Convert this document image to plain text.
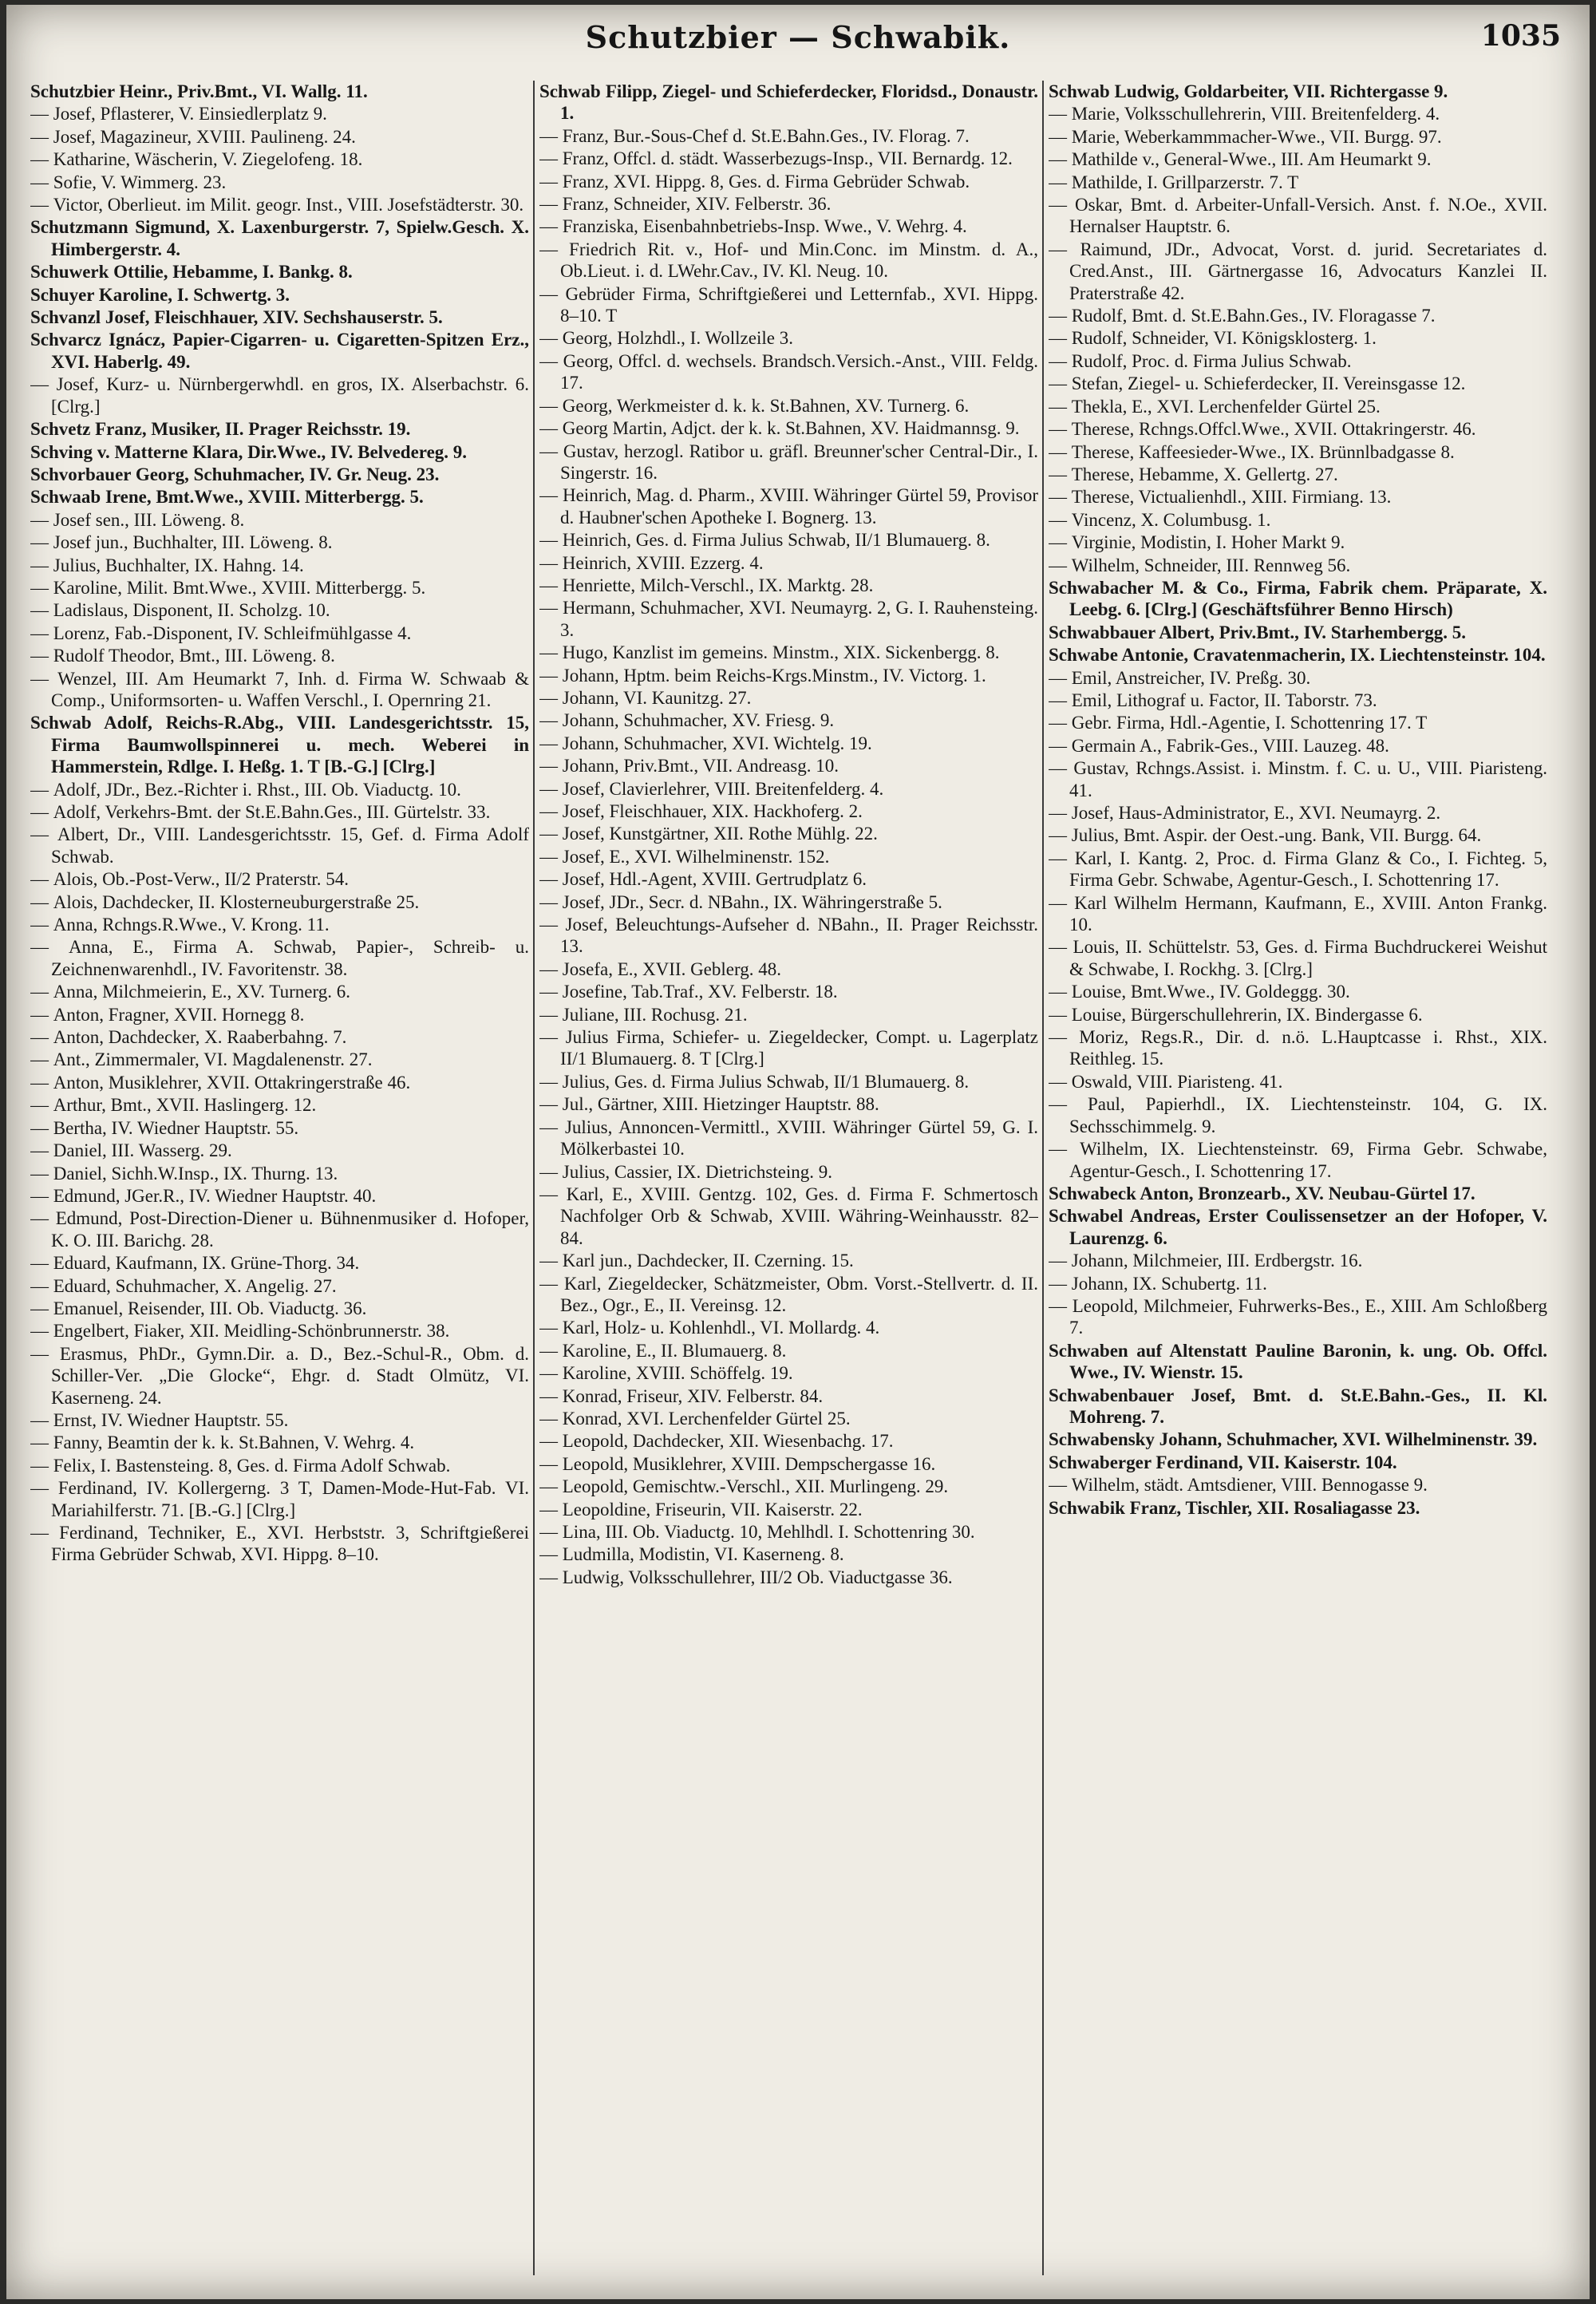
Schutzbier — Schwabik.	1035
Schutzbier Heinr., Priv.Bmt., VI. Wallg. 11.
— Josef, Pflasterer, V. Einsiedlerplatz 9.
— Josef, Magazineur, XVIII. Paulineng. 24.
— Katharine, Wäscherin, V. Ziegelofeng. 18.
— Sofie, V. Wimmerg. 23.
— Victor, Oberlieut. im Milit. geogr. Inst., VIII. Josefstädterstr. 30.
Schutzmann Sigmund, X. Laxenburgerstr. 7, Spielw.Gesch. X. Himbergerstr. 4.
Schuwerk Ottilie, Hebamme, I. Bankg. 8.
Schuyer Karoline, I. Schwertg. 3.
Schvanzl Josef, Fleischhauer, XIV. Sechshauserstr. 5.
Schvarcz Ignácz, Papier-Cigarren- u. Cigaretten-Spitzen Erz., XVI. Haberlg. 49.
— Josef, Kurz- u. Nürnbergerwhdl. en gros, IX. Alserbachstr. 6. [Clrg.]
Schvetz Franz, Musiker, II. Prager Reichsstr. 19.
Schving v. Matterne Klara, Dir.Wwe., IV. Belvedereg. 9.
Schvorbauer Georg, Schuhmacher, IV. Gr. Neug. 23.
Schwaab Irene, Bmt.Wwe., XVIII. Mitterbergg. 5.
— Josef sen., III. Löweng. 8.
— Josef jun., Buchhalter, III. Löweng. 8.
— Julius, Buchhalter, IX. Hahng. 14.
— Karoline, Milit. Bmt.Wwe., XVIII. Mitterbergg. 5.
— Ladislaus, Disponent, II. Scholzg. 10.
— Lorenz, Fab.-Disponent, IV. Schleifmühlgasse 4.
— Rudolf Theodor, Bmt., III. Löweng. 8.
— Wenzel, III. Am Heumarkt 7, Inh. d. Firma W. Schwaab & Comp., Uniformsorten- u. Waffen Verschl., I. Opernring 21.
Schwab Adolf, Reichs-R.Abg., VIII. Landesgerichtsstr. 15, Firma Baumwollspinnerei u. mech. Weberei in Hammerstein, Rdlge. I. Heßg. 1. T [B.-G.] [Clrg.]
— Adolf, JDr., Bez.-Richter i. Rhst., III. Ob. Viaductg. 10.
— Adolf, Verkehrs-Bmt. der St.E.Bahn.Ges., III. Gürtelstr. 33.
— Albert, Dr., VIII. Landesgerichtsstr. 15, Gef. d. Firma Adolf Schwab.
— Alois, Ob.-Post-Verw., II/2 Praterstr. 54.
— Alois, Dachdecker, II. Klosterneuburgerstraße 25.
— Anna, Rchngs.R.Wwe., V. Krong. 11.
— Anna, E., Firma A. Schwab, Papier-, Schreib- u. Zeichnenwarenhdl., IV. Favoritenstr. 38.
— Anna, Milchmeierin, E., XV. Turnerg. 6.
— Anton, Fragner, XVII. Hornegg 8.
— Anton, Dachdecker, X. Raaberbahng. 7.
— Ant., Zimmermaler, VI. Magdalenenstr. 27.
— Anton, Musiklehrer, XVII. Ottakringerstraße 46.
— Arthur, Bmt., XVII. Haslingerg. 12.
— Bertha, IV. Wiedner Hauptstr. 55.
— Daniel, III. Wasserg. 29.
— Daniel, Sichh.W.Insp., IX. Thurng. 13.
— Edmund, JGer.R., IV. Wiedner Hauptstr. 40.
— Edmund, Post-Direction-Diener u. Bühnenmusiker d. Hofoper, K. O. III. Barichg. 28.
— Eduard, Kaufmann, IX. Grüne-Thorg. 34.
— Eduard, Schuhmacher, X. Angelig. 27.
— Emanuel, Reisender, III. Ob. Viaductg. 36.
— Engelbert, Fiaker, XII. Meidling-Schönbrunnerstr. 38.
— Erasmus, PhDr., Gymn.Dir. a. D., Bez.-Schul-R., Obm. d. Schiller-Ver. „Die Glocke“, Ehgr. d. Stadt Olmütz, VI. Kaserneng. 24.
— Ernst, IV. Wiedner Hauptstr. 55.
— Fanny, Beamtin der k. k. St.Bahnen, V. Wehrg. 4.
— Felix, I. Bastensteing. 8, Ges. d. Firma Adolf Schwab.
— Ferdinand, IV. Kollergerng. 3 T, Damen-Mode-Hut-Fab. VI. Mariahilferstr. 71. [B.-G.] [Clrg.]
— Ferdinand, Techniker, E., XVI. Herbststr. 3, Schriftgießerei Firma Gebrüder Schwab, XVI. Hippg. 8–10.
Schwab Filipp, Ziegel- und Schieferdecker, Floridsd., Donaustr. 1.
— Franz, Bur.-Sous-Chef d. St.E.Bahn.Ges., IV. Florag. 7.
— Franz, Offcl. d. städt. Wasserbezugs-Insp., VII. Bernardg. 12.
— Franz, XVI. Hippg. 8, Ges. d. Firma Gebrüder Schwab.
— Franz, Schneider, XIV. Felberstr. 36.
— Franziska, Eisenbahnbetriebs-Insp. Wwe., V. Wehrg. 4.
— Friedrich Rit. v., Hof- und Min.Conc. im Minstm. d. A., Ob.Lieut. i. d. LWehr.Cav., IV. Kl. Neug. 10.
— Gebrüder Firma, Schriftgießerei und Letternfab., XVI. Hippg. 8–10. T
— Georg, Holzhdl., I. Wollzeile 3.
— Georg, Offcl. d. wechsels. Brandsch.Versich.-Anst., VIII. Feldg. 17.
— Georg, Werkmeister d. k. k. St.Bahnen, XV. Turnerg. 6.
— Georg Martin, Adjct. der k. k. St.Bahnen, XV. Haidmannsg. 9.
— Gustav, herzogl. Ratibor u. gräfl. Breunner'scher Central-Dir., I. Singerstr. 16.
— Heinrich, Mag. d. Pharm., XVIII. Währinger Gürtel 59, Provisor d. Haubner'schen Apotheke I. Bognerg. 13.
— Heinrich, Ges. d. Firma Julius Schwab, II/1 Blumauerg. 8.
— Heinrich, XVIII. Ezzerg. 4.
— Henriette, Milch-Verschl., IX. Marktg. 28.
— Hermann, Schuhmacher, XVI. Neumayrg. 2, G. I. Rauhensteing. 3.
— Hugo, Kanzlist im gemeins. Minstm., XIX. Sickenbergg. 8.
— Johann, Hptm. beim Reichs-Krgs.Minstm., IV. Victorg. 1.
— Johann, VI. Kaunitzg. 27.
— Johann, Schuhmacher, XV. Friesg. 9.
— Johann, Schuhmacher, XVI. Wichtelg. 19.
— Johann, Priv.Bmt., VII. Andreasg. 10.
— Josef, Clavierlehrer, VIII. Breitenfelderg. 4.
— Josef, Fleischhauer, XIX. Hackhoferg. 2.
— Josef, Kunstgärtner, XII. Rothe Mühlg. 22.
— Josef, E., XVI. Wilhelminenstr. 152.
— Josef, Hdl.-Agent, XVIII. Gertrudplatz 6.
— Josef, JDr., Secr. d. NBahn., IX. Währingerstraße 5.
— Josef, Beleuchtungs-Aufseher d. NBahn., II. Prager Reichsstr. 13.
— Josefa, E., XVII. Geblerg. 48.
— Josefine, Tab.Traf., XV. Felberstr. 18.
— Juliane, III. Rochusg. 21.
— Julius Firma, Schiefer- u. Ziegeldecker, Compt. u. Lagerplatz II/1 Blumauerg. 8. T [Clrg.]
— Julius, Ges. d. Firma Julius Schwab, II/1 Blumauerg. 8.
— Jul., Gärtner, XIII. Hietzinger Hauptstr. 88.
— Julius, Annoncen-Vermittl., XVIII. Währinger Gürtel 59, G. I. Mölkerbastei 10.
— Julius, Cassier, IX. Dietrichsteing. 9.
— Karl, E., XVIII. Gentzg. 102, Ges. d. Firma F. Schmertosch Nachfolger Orb & Schwab, XVIII. Währing-Weinhausstr. 82–84.
— Karl jun., Dachdecker, II. Czerning. 15.
— Karl, Ziegeldecker, Schätzmeister, Obm. Vorst.-Stellvertr. d. II. Bez., Ogr., E., II. Vereinsg. 12.
— Karl, Holz- u. Kohlenhdl., VI. Mollardg. 4.
— Karoline, E., II. Blumauerg. 8.
— Karoline, XVIII. Schöffelg. 19.
— Konrad, Friseur, XIV. Felberstr. 84.
— Konrad, XVI. Lerchenfelder Gürtel 25.
— Leopold, Dachdecker, XII. Wiesenbachg. 17.
— Leopold, Musiklehrer, XVIII. Dempschergasse 16.
— Leopold, Gemischtw.-Verschl., XII. Murlingeng. 29.
— Leopoldine, Friseurin, VII. Kaiserstr. 22.
— Lina, III. Ob. Viaductg. 10, Mehlhdl. I. Schottenring 30.
— Ludmilla, Modistin, VI. Kaserneng. 8.
— Ludwig, Volksschullehrer, III/2 Ob. Viaductgasse 36.
Schwab Ludwig, Goldarbeiter, VII. Richtergasse 9.
— Marie, Volksschullehrerin, VIII. Breitenfelderg. 4.
— Marie, Weberkammmacher-Wwe., VII. Burgg. 97.
— Mathilde v., General-Wwe., III. Am Heumarkt 9.
— Mathilde, I. Grillparzerstr. 7. T
— Oskar, Bmt. d. Arbeiter-Unfall-Versich. Anst. f. N.Oe., XVII. Hernalser Hauptstr. 6.
— Raimund, JDr., Advocat, Vorst. d. jurid. Secretariates d. Cred.Anst., III. Gärtnergasse 16, Advocaturs Kanzlei II. Praterstraße 42.
— Rudolf, Bmt. d. St.E.Bahn.Ges., IV. Floragasse 7.
— Rudolf, Schneider, VI. Königsklosterg. 1.
— Rudolf, Proc. d. Firma Julius Schwab.
— Stefan, Ziegel- u. Schieferdecker, II. Vereinsgasse 12.
— Thekla, E., XVI. Lerchenfelder Gürtel 25.
— Therese, Rchngs.Offcl.Wwe., XVII. Ottakringerstr. 46.
— Therese, Kaffeesieder-Wwe., IX. Brünnlbadgasse 8.
— Therese, Hebamme, X. Gellertg. 27.
— Therese, Victualienhdl., XIII. Firmiang. 13.
— Vincenz, X. Columbusg. 1.
— Virginie, Modistin, I. Hoher Markt 9.
— Wilhelm, Schneider, III. Rennweg 56.
Schwabacher M. & Co., Firma, Fabrik chem. Präparate, X. Leebg. 6. [Clrg.] (Geschäftsführer Benno Hirsch)
Schwabbauer Albert, Priv.Bmt., IV. Starhembergg. 5.
Schwabe Antonie, Cravatenmacherin, IX. Liechtensteinstr. 104.
— Emil, Anstreicher, IV. Preßg. 30.
— Emil, Lithograf u. Factor, II. Taborstr. 73.
— Gebr. Firma, Hdl.-Agentie, I. Schottenring 17. T
— Germain A., Fabrik-Ges., VIII. Lauzeg. 48.
— Gustav, Rchngs.Assist. i. Minstm. f. C. u. U., VIII. Piaristeng. 41.
— Josef, Haus-Administrator, E., XVI. Neumayrg. 2.
— Julius, Bmt. Aspir. der Oest.-ung. Bank, VII. Burgg. 64.
— Karl, I. Kantg. 2, Proc. d. Firma Glanz & Co., I. Fichteg. 5, Firma Gebr. Schwabe, Agentur-Gesch., I. Schottenring 17.
— Karl Wilhelm Hermann, Kaufmann, E., XVIII. Anton Frankg. 10.
— Louis, II. Schüttelstr. 53, Ges. d. Firma Buchdruckerei Weishut & Schwabe, I. Rockhg. 3. [Clrg.]
— Louise, Bmt.Wwe., IV. Goldeggg. 30.
— Louise, Bürgerschullehrerin, IX. Bindergasse 6.
— Moriz, Regs.R., Dir. d. n.ö. L.Hauptcasse i. Rhst., XIX. Reithleg. 15.
— Oswald, VIII. Piaristeng. 41.
— Paul, Papierhdl., IX. Liechtensteinstr. 104, G. IX. Sechsschimmelg. 9.
— Wilhelm, IX. Liechtensteinstr. 69, Firma Gebr. Schwabe, Agentur-Gesch., I. Schottenring 17.
Schwabeck Anton, Bronzearb., XV. Neubau-Gürtel 17.
Schwabel Andreas, Erster Coulissensetzer an der Hofoper, V. Laurenzg. 6.
— Johann, Milchmeier, III. Erdbergstr. 16.
— Johann, IX. Schubertg. 11.
— Leopold, Milchmeier, Fuhrwerks-Bes., E., XIII. Am Schloßberg 7.
Schwaben auf Altenstatt Pauline Baronin, k. ung. Ob. Offcl. Wwe., IV. Wienstr. 15.
Schwabenbauer Josef, Bmt. d. St.E.Bahn.-Ges., II. Kl. Mohreng. 7.
Schwabensky Johann, Schuhmacher, XVI. Wilhelminenstr. 39.
Schwaberger Ferdinand, VII. Kaiserstr. 104.
— Wilhelm, städt. Amtsdiener, VIII. Bennogasse 9.
Schwabik Franz, Tischler, XII. Rosaliagasse 23.
